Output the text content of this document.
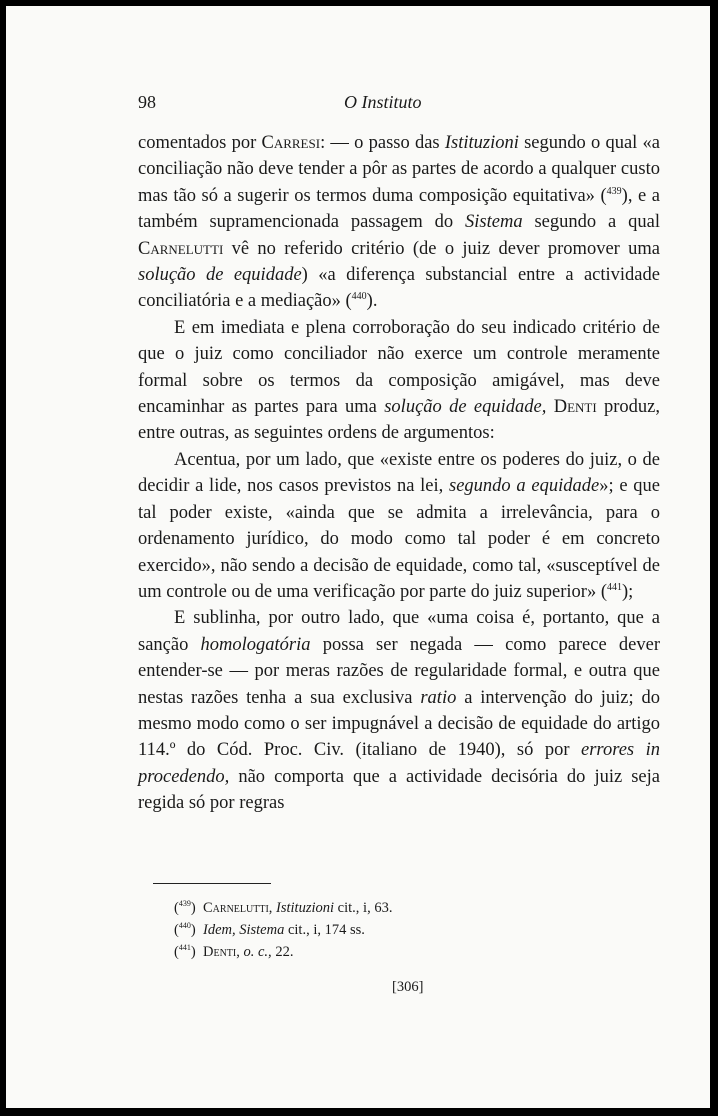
98	O Instituto

comentados por Carresi: — o passo das Istituzioni segundo o qual «a conciliação não deve tender a pôr as partes de acordo a qualquer custo mas tão só a sugerir os termos duma composição equitativa» ($^{439}$), e a também supramencionada passagem do Sistema segundo a qual Carnelutti vê no referido critério (de o juiz dever promover uma solução de equidade) «a diferença substancial entre a actividade conciliatória e a mediação» ($^{440}$).

E em imediata e plena corroboração do seu indicado critério de que o juiz como conciliador não exerce um controle meramente formal sobre os termos da composição amigável, mas deve encaminhar as partes para uma solução de equidade, Denti produz, entre outras, as seguintes ordens de argumentos:

Acentua, por um lado, que «existe entre os poderes do juiz, o de decidir a lide, nos casos previstos na lei, segundo a equidade»; e que tal poder existe, «ainda que se admita a irrelevância, para o ordenamento jurídico, do modo como tal poder é em concreto exercido», não sendo a decisão de equidade, como tal, «susceptível de um controle ou de uma verificação por parte do juiz superior» ($^{441}$);

E sublinha, por outro lado, que «uma coisa é, portanto, que a sanção homologatória possa ser negada — como parece dever entender-se — por meras razões de regularidade formal, e outra que nestas razões tenha a sua exclusiva ratio a intervenção do juiz; do mesmo modo como o ser impugnável a decisão de equidade do artigo 114.º do Cód. Proc. Civ. (italiano de 1940), só por errores in procedendo, não comporta que a actividade decisória do juiz seja regida só por regras

($^{439}$) Carnelutti, Istituzioni cit., i, 63.
($^{440}$) Idem, Sistema cit., i, 174 ss.
($^{441}$) Denti, o. c., 22.
[306]
